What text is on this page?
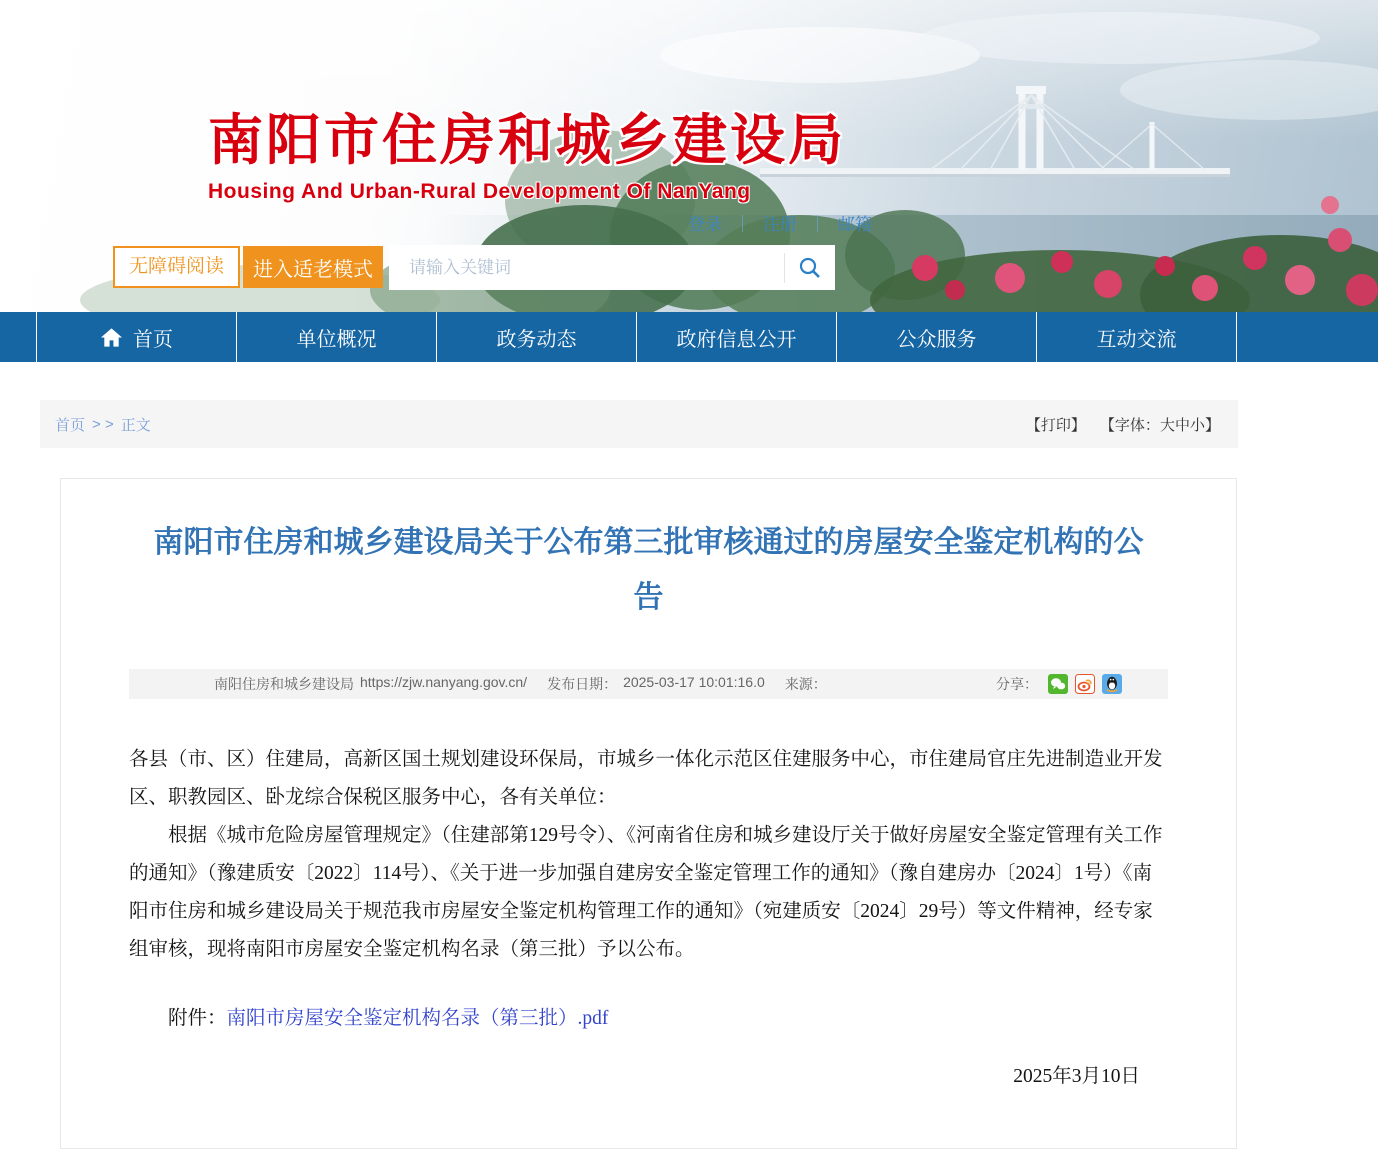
南阳市住房和城乡建设局
Housing And Urban-Rural Development Of NanYang
登录 ｜ 注册 ｜ 邮箱
无障碍阅读	进入适老模式
请输入关键词
首页	单位概况	政务动态	政府信息公开	公众服务	互动交流
首页 > > 正文	【打印】 【字体：大中小】
南阳市住房和城乡建设局关于公布第三批审核通过的房屋安全鉴定机构的公告
南阳住房和城乡建设局 https://zjw.nanyang.gov.cn/ 发布日期： 2025-03-17 10:01:16.0 来源：	分享：

各县（市、区）住建局，高新区国土规划建设环保局，市城乡一体化示范区住建服务中心，市住建局官庄先进制造业开发区、职教园区、卧龙综合保税区服务中心，各有关单位：

根据《城市危险房屋管理规定》（住建部第129号令）、《河南省住房和城乡建设厅关于做好房屋安全鉴定管理有关工作的通知》（豫建质安〔2022〕114号）、《关于进一步加强自建房安全鉴定管理工作的通知》（豫自建房办〔2024〕1号）《南阳市住房和城乡建设局关于规范我市房屋安全鉴定机构管理工作的通知》（宛建质安〔2024〕29号）等文件精神，经专家组审核，现将南阳市房屋安全鉴定机构名录（第三批）予以公布。

附件：南阳市房屋安全鉴定机构名录（第三批）.pdf
2025年3月10日
